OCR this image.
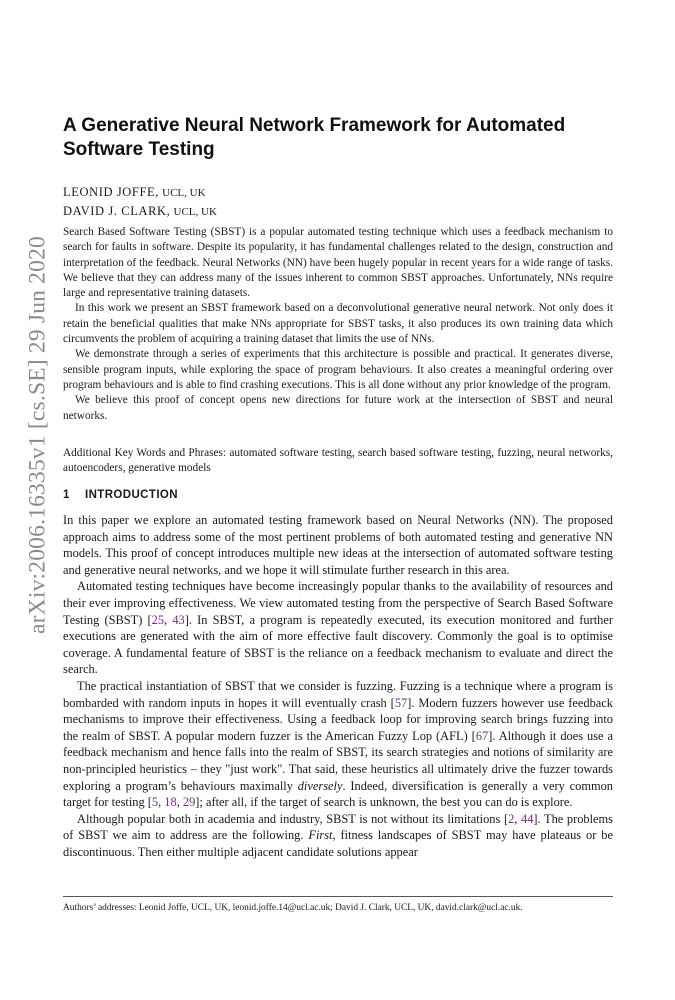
arXiv:2006.16335v1 [cs.SE] 29 Jun 2020
A Generative Neural Network Framework for Automated Software Testing
LEONID JOFFE, UCL, UK
DAVID J. CLARK, UCL, UK

Search Based Software Testing (SBST) is a popular automated testing technique which uses a feedback mechanism to search for faults in software. Despite its popularity, it has fundamental challenges related to the design, construction and interpretation of the feedback. Neural Networks (NN) have been hugely popular in recent years for a wide range of tasks. We believe that they can address many of the issues inherent to common SBST approaches. Unfortunately, NNs require large and representative training datasets.

In this work we present an SBST framework based on a deconvolutional generative neural network. Not only does it retain the beneficial qualities that make NNs appropriate for SBST tasks, it also produces its own training data which circumvents the problem of acquiring a training dataset that limits the use of NNs.

We demonstrate through a series of experiments that this architecture is possible and practical. It generates diverse, sensible program inputs, while exploring the space of program behaviours. It also creates a meaningful ordering over program behaviours and is able to find crashing executions. This is all done without any prior knowledge of the program.

We believe this proof of concept opens new directions for future work at the intersection of SBST and neural networks.

Additional Key Words and Phrases: automated software testing, search based software testing, fuzzing, neural networks, autoencoders, generative models

1 INTRODUCTION

In this paper we explore an automated testing framework based on Neural Networks (NN). The proposed approach aims to address some of the most pertinent problems of both automated testing and generative NN models. This proof of concept introduces multiple new ideas at the intersection of automated software testing and generative neural networks, and we hope it will stimulate further research in this area.

Automated testing techniques have become increasingly popular thanks to the availability of resources and their ever improving effectiveness. We view automated testing from the perspective of Search Based Software Testing (SBST) [25, 43]. In SBST, a program is repeatedly executed, its execution monitored and further executions are generated with the aim of more effective fault discovery. Commonly the goal is to optimise coverage. A fundamental feature of SBST is the reliance on a feedback mechanism to evaluate and direct the search.

The practical instantiation of SBST that we consider is fuzzing. Fuzzing is a technique where a program is bombarded with random inputs in hopes it will eventually crash [57]. Modern fuzzers however use feedback mechanisms to improve their effectiveness. Using a feedback loop for improving search brings fuzzing into the realm of SBST. A popular modern fuzzer is the American Fuzzy Lop (AFL) [67]. Although it does use a feedback mechanism and hence falls into the realm of SBST, its search strategies and notions of similarity are non-principled heuristics – they "just work". That said, these heuristics all ultimately drive the fuzzer towards exploring a program’s behaviours maximally diversely. Indeed, diversification is generally a very common target for testing [5, 18, 29]; after all, if the target of search is unknown, the best you can do is explore.

Although popular both in academia and industry, SBST is not without its limitations [2, 44]. The problems of SBST we aim to address are the following. First, fitness landscapes of SBST may have plateaus or be discontinuous. Then either multiple adjacent candidate solutions appear

Authors’ addresses: Leonid Joffe, UCL, UK, leonid.joffe.14@ucl.ac.uk; David J. Clark, UCL, UK, david.clark@ucl.ac.uk.
